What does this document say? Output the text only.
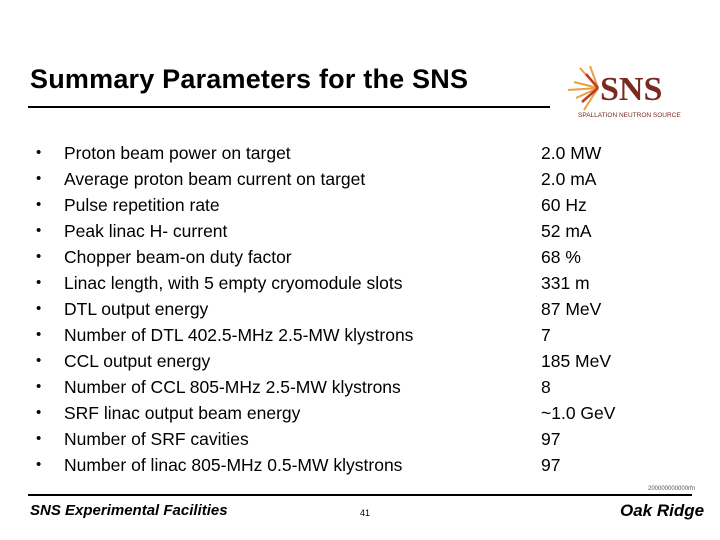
Summary Parameters for the SNS	SNS
SPALLATION NEUTRON SOURCE
•	Proton beam power on target	2.0 MW
•	Average proton beam current on target	2.0 mA
•	Pulse repetition rate	60 Hz
•	Peak linac H- current	52 mA
•	Chopper beam-on duty factor	68 %
•	Linac length, with 5 empty cryomodule slots	331 m
•	DTL output energy	87 MeV
•	Number of DTL 402.5-MHz 2.5-MW klystrons	7
•	CCL output energy	185 MeV
•	Number of CCL 805-MHz 2.5-MW klystrons	8
•	SRF linac output beam energy	~1.0 GeV
•	Number of SRF cavities	97
•	Number of linac 805-MHz 0.5-MW klystrons	97
200000000000rfn
SNS Experimental Facilities	41	Oak Ridge
